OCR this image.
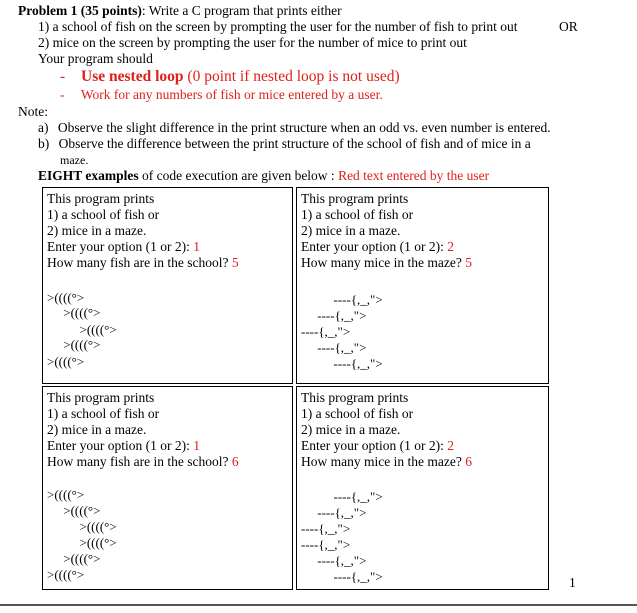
Problem 1 (35 points): Write a C program that prints either
1) a school of fish on the screen by prompting the user for the number of fish to print out	OR
2) mice on the screen by prompting the user for the number of mice to print out
Your program should
- Use nested loop (0 point if nested loop is not used)
- Work for any numbers of fish or mice entered by a user.
Note:
a) Observe the slight difference in the print structure when an odd vs. even number is entered.
b) Observe the difference between the print structure of the school of fish and of mice in a
maze.
EIGHT examples of code execution are given below : Red text entered by the user
This program prints
1) a school of fish or
2) mice in a maze.
Enter your option (1 or 2): 1
How many fish are in the school? 5
>((((°>
>((((°>
>((((°>
>((((°>
>((((°>
This program prints
1) a school of fish or
2) mice in a maze.
Enter your option (1 or 2): 2
How many mice in the maze? 5
----{,_,">
----{,_,">
----{,_,">
----{,_,">
----{,_,">
This program prints
1) a school of fish or
2) mice in a maze.
Enter your option (1 or 2): 1
How many fish are in the school? 6
>((((°>
>((((°>
>((((°>
>((((°>
>((((°>
>((((°>
This program prints
1) a school of fish or
2) mice in a maze.
Enter your option (1 or 2): 2
How many mice in the maze? 6
----{,_,">
----{,_,">
----{,_,">
----{,_,">
----{,_,">
----{,_,">	1
